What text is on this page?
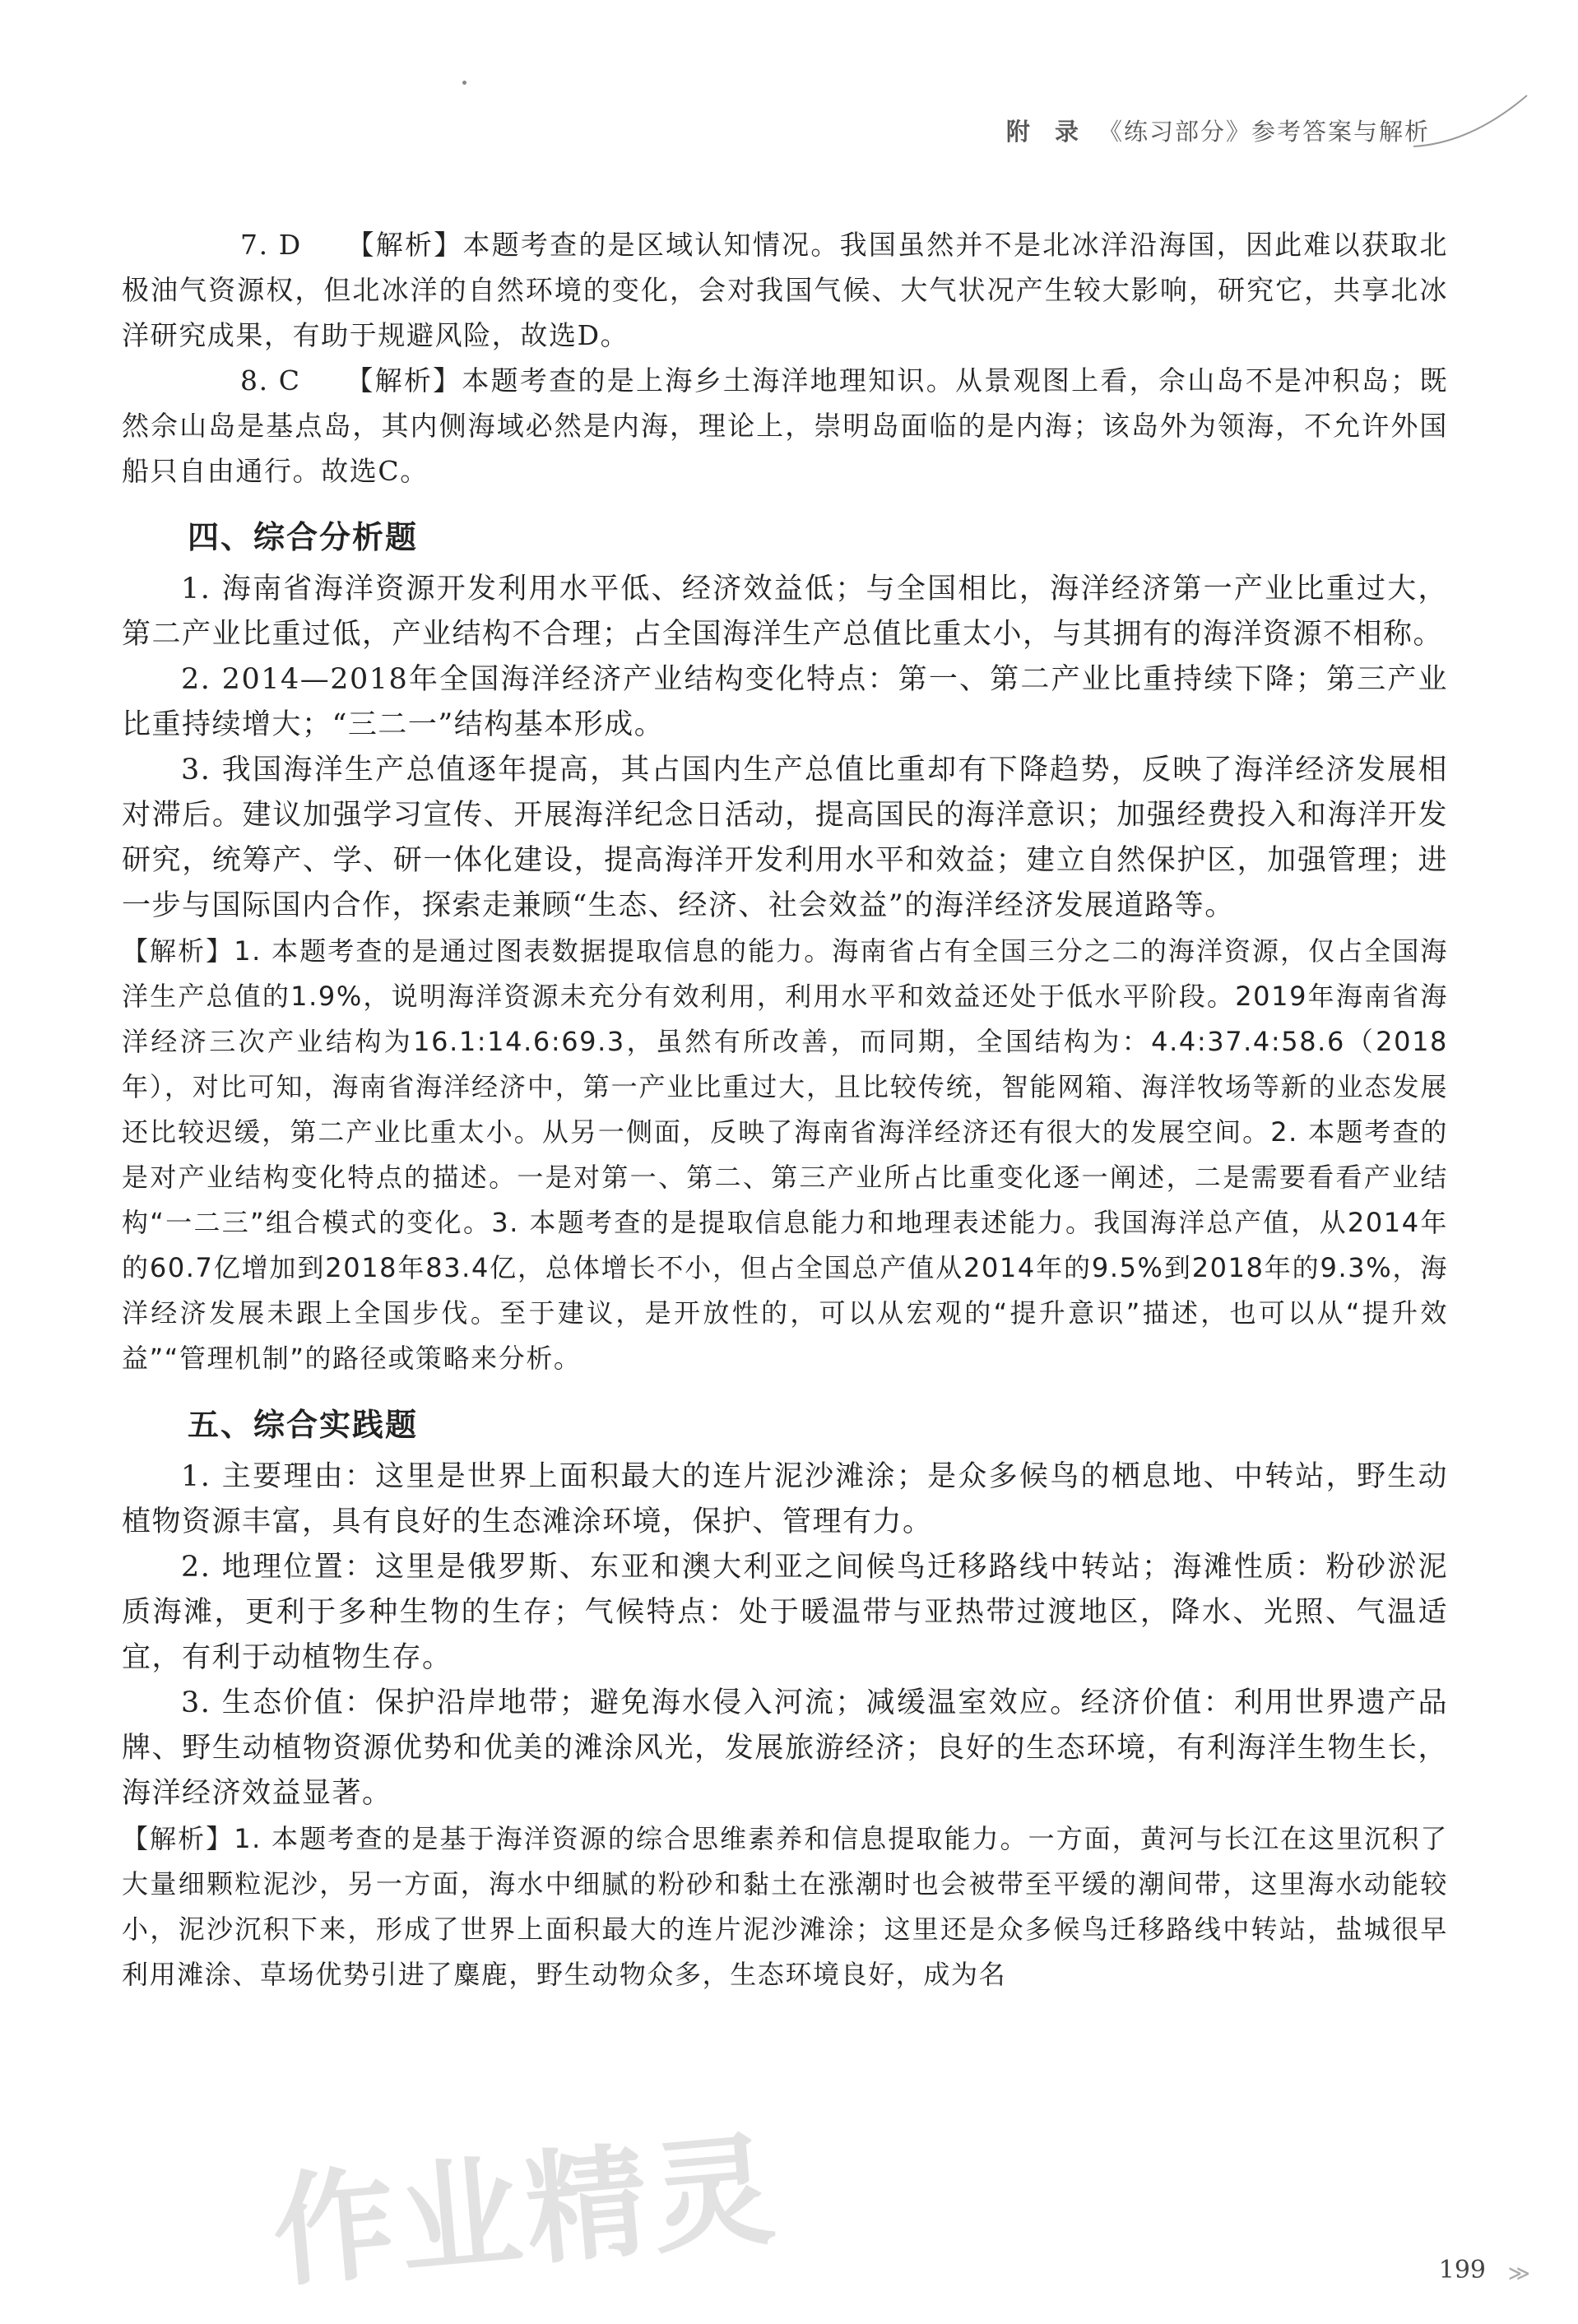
附 录 《练习部分》参考答案与解析

7. D 【解析】本题考查的是区域认知情况。我国虽然并不是北冰洋沿海国，因此难以获取北极油气资源权，但北冰洋的自然环境的变化，会对我国气候、大气状况产生较大影响，研究它，共享北冰洋研究成果，有助于规避风险，故选D。

8. C 【解析】本题考查的是上海乡土海洋地理知识。从景观图上看，佘山岛不是冲积岛；既然佘山岛是基点岛，其内侧海域必然是内海，理论上，崇明岛面临的是内海；该岛外为领海，不允许外国船只自由通行。故选C。

四、综合分析题

1. 海南省海洋资源开发利用水平低、经济效益低；与全国相比，海洋经济第一产业比重过大，第二产业比重过低，产业结构不合理；占全国海洋生产总值比重太小，与其拥有的海洋资源不相称。

2. 2014—2018年全国海洋经济产业结构变化特点：第一、第二产业比重持续下降；第三产业比重持续增大；“三二一”结构基本形成。

3. 我国海洋生产总值逐年提高，其占国内生产总值比重却有下降趋势，反映了海洋经济发展相对滞后。建议加强学习宣传、开展海洋纪念日活动，提高国民的海洋意识；加强经费投入和海洋开发研究，统筹产、学、研一体化建设，提高海洋开发利用水平和效益；建立自然保护区，加强管理；进一步与国际国内合作，探索走兼顾“生态、经济、社会效益”的海洋经济发展道路等。

【解析】1. 本题考查的是通过图表数据提取信息的能力。海南省占有全国三分之二的海洋资源，仅占全国海洋生产总值的1.9%，说明海洋资源未充分有效利用，利用水平和效益还处于低水平阶段。2019年海南省海洋经济三次产业结构为16.1:14.6:69.3，虽然有所改善，而同期，全国结构为：4.4:37.4:58.6（2018年），对比可知，海南省海洋经济中，第一产业比重过大，且比较传统，智能网箱、海洋牧场等新的业态发展还比较迟缓，第二产业比重太小。从另一侧面，反映了海南省海洋经济还有很大的发展空间。2. 本题考查的是对产业结构变化特点的描述。一是对第一、第二、第三产业所占比重变化逐一阐述，二是需要看看产业结构“一二三”组合模式的变化。3. 本题考查的是提取信息能力和地理表述能力。我国海洋总产值，从2014年的60.7亿增加到2018年83.4亿，总体增长不小，但占全国总产值从2014年的9.5%到2018年的9.3%，海洋经济发展未跟上全国步伐。至于建议，是开放性的，可以从宏观的“提升意识”描述，也可以从“提升效益”“管理机制”的路径或策略来分析。

五、综合实践题

1. 主要理由：这里是世界上面积最大的连片泥沙滩涂；是众多候鸟的栖息地、中转站，野生动植物资源丰富，具有良好的生态滩涂环境，保护、管理有力。

2. 地理位置：这里是俄罗斯、东亚和澳大利亚之间候鸟迁移路线中转站；海滩性质：粉砂淤泥质海滩，更利于多种生物的生存；气候特点：处于暖温带与亚热带过渡地区，降水、光照、气温适宜，有利于动植物生存。

3. 生态价值：保护沿岸地带；避免海水侵入河流；减缓温室效应。经济价值：利用世界遗产品牌、野生动植物资源优势和优美的滩涂风光，发展旅游经济；良好的生态环境，有利海洋生物生长，海洋经济效益显著。

【解析】1. 本题考查的是基于海洋资源的综合思维素养和信息提取能力。一方面，黄河与长江在这里沉积了大量细颗粒泥沙，另一方面，海水中细腻的粉砂和黏土在涨潮时也会被带至平缓的潮间带，这里海水动能较小，泥沙沉积下来，形成了世界上面积最大的连片泥沙滩涂；这里还是众多候鸟迁移路线中转站，盐城很早利用滩涂、草场优势引进了麋鹿，野生动物众多，生态环境良好，成为名

作业精灵	199 ≫
